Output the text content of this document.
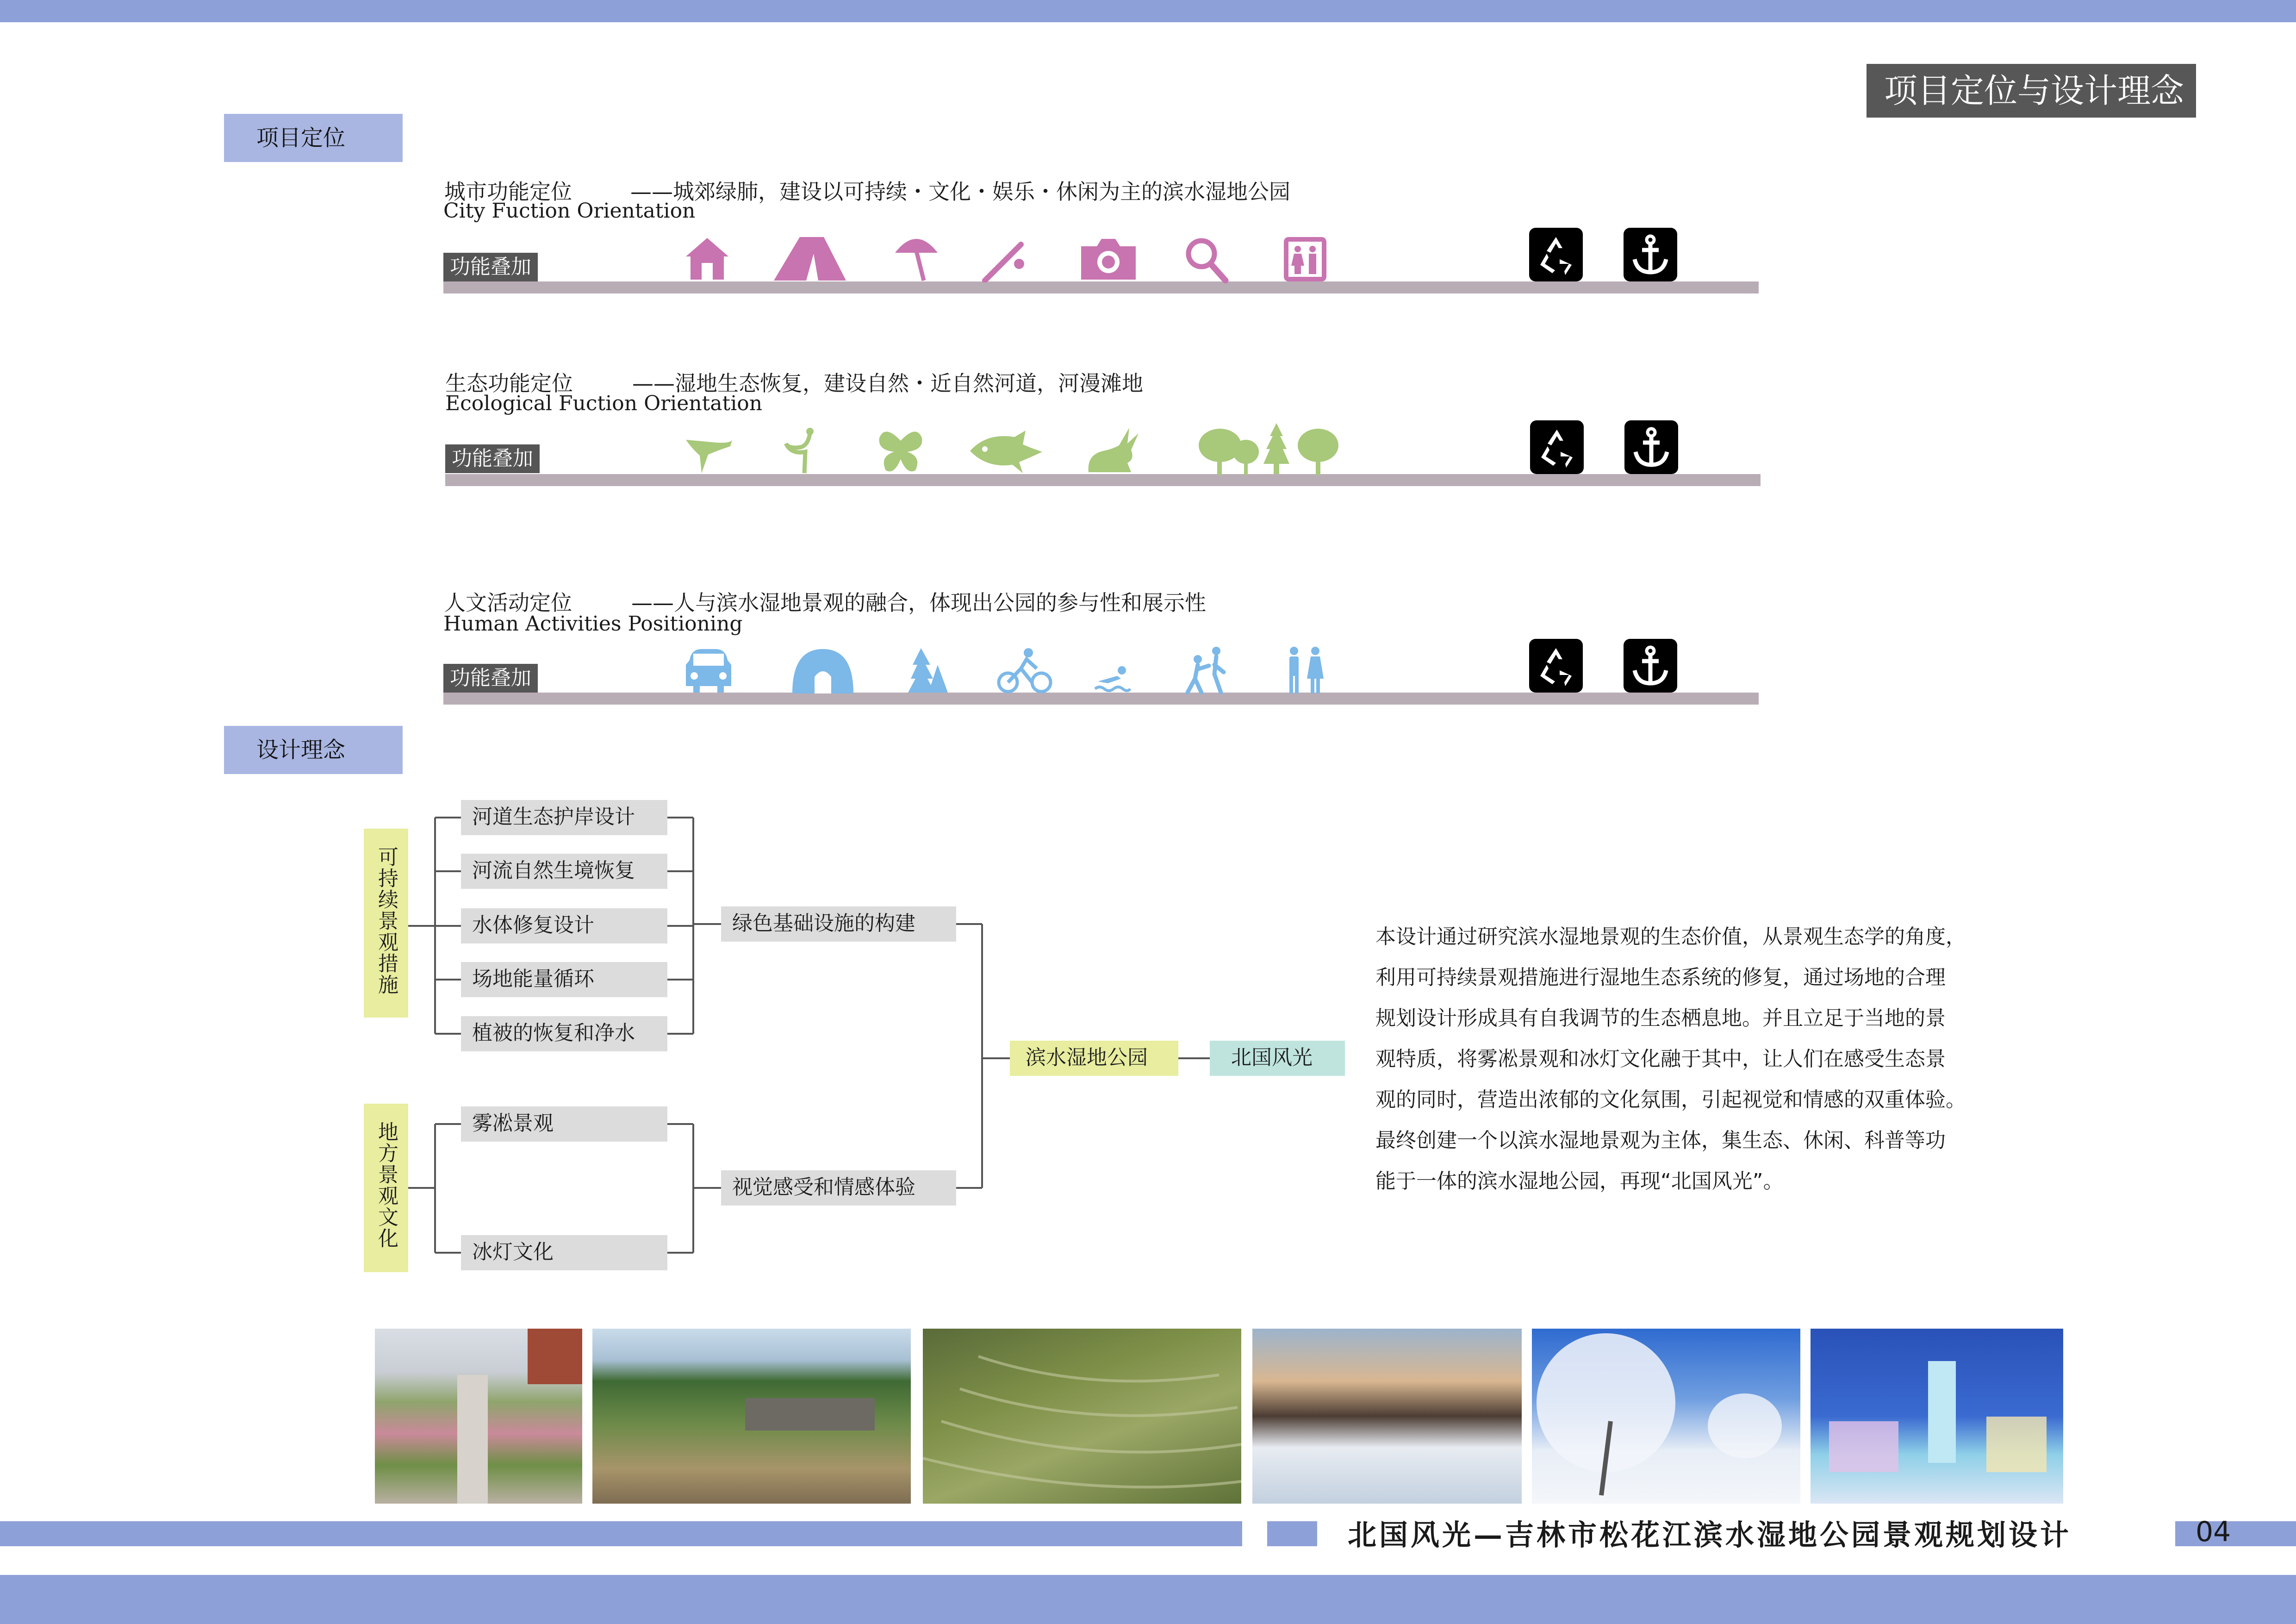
项目定位与设计理念
项目定位
设计理念
城市功能定位	——城郊绿肺，建设以可持续・文化・娱乐・休闲为主的滨水湿地公园
City Fuction Orientation
功能叠加
生态功能定位	——湿地生态恢复，建设自然・近自然河道，河漫滩地
Ecological Fuction Orientation
功能叠加
人文活动定位	——人与滨水湿地景观的融合，体现出公园的参与性和展示性
Human Activities Positioning
功能叠加
可持续景观措施
地方景观文化
河道生态护岸设计
河流自然生境恢复
水体修复设计
场地能量循环
植被的恢复和净水
雾凇景观
冰灯文化
绿色基础设施的构建
视觉感受和情感体验
滨水湿地公园	北国风光
本设计通过研究滨水湿地景观的生态价值，从景观生态学的角度，
利用可持续景观措施进行湿地生态系统的修复，通过场地的合理
规划设计形成具有自我调节的生态栖息地。并且立足于当地的景
观特质，将雾凇景观和冰灯文化融于其中，让人们在感受生态景
观的同时，营造出浓郁的文化氛围，引起视觉和情感的双重体验。
最终创建一个以滨水湿地景观为主体，集生态、休闲、科普等功
能于一体的滨水湿地公园，再现“北国风光”。
北国风光—吉林市松花江滨水湿地公园景观规划设计	04
